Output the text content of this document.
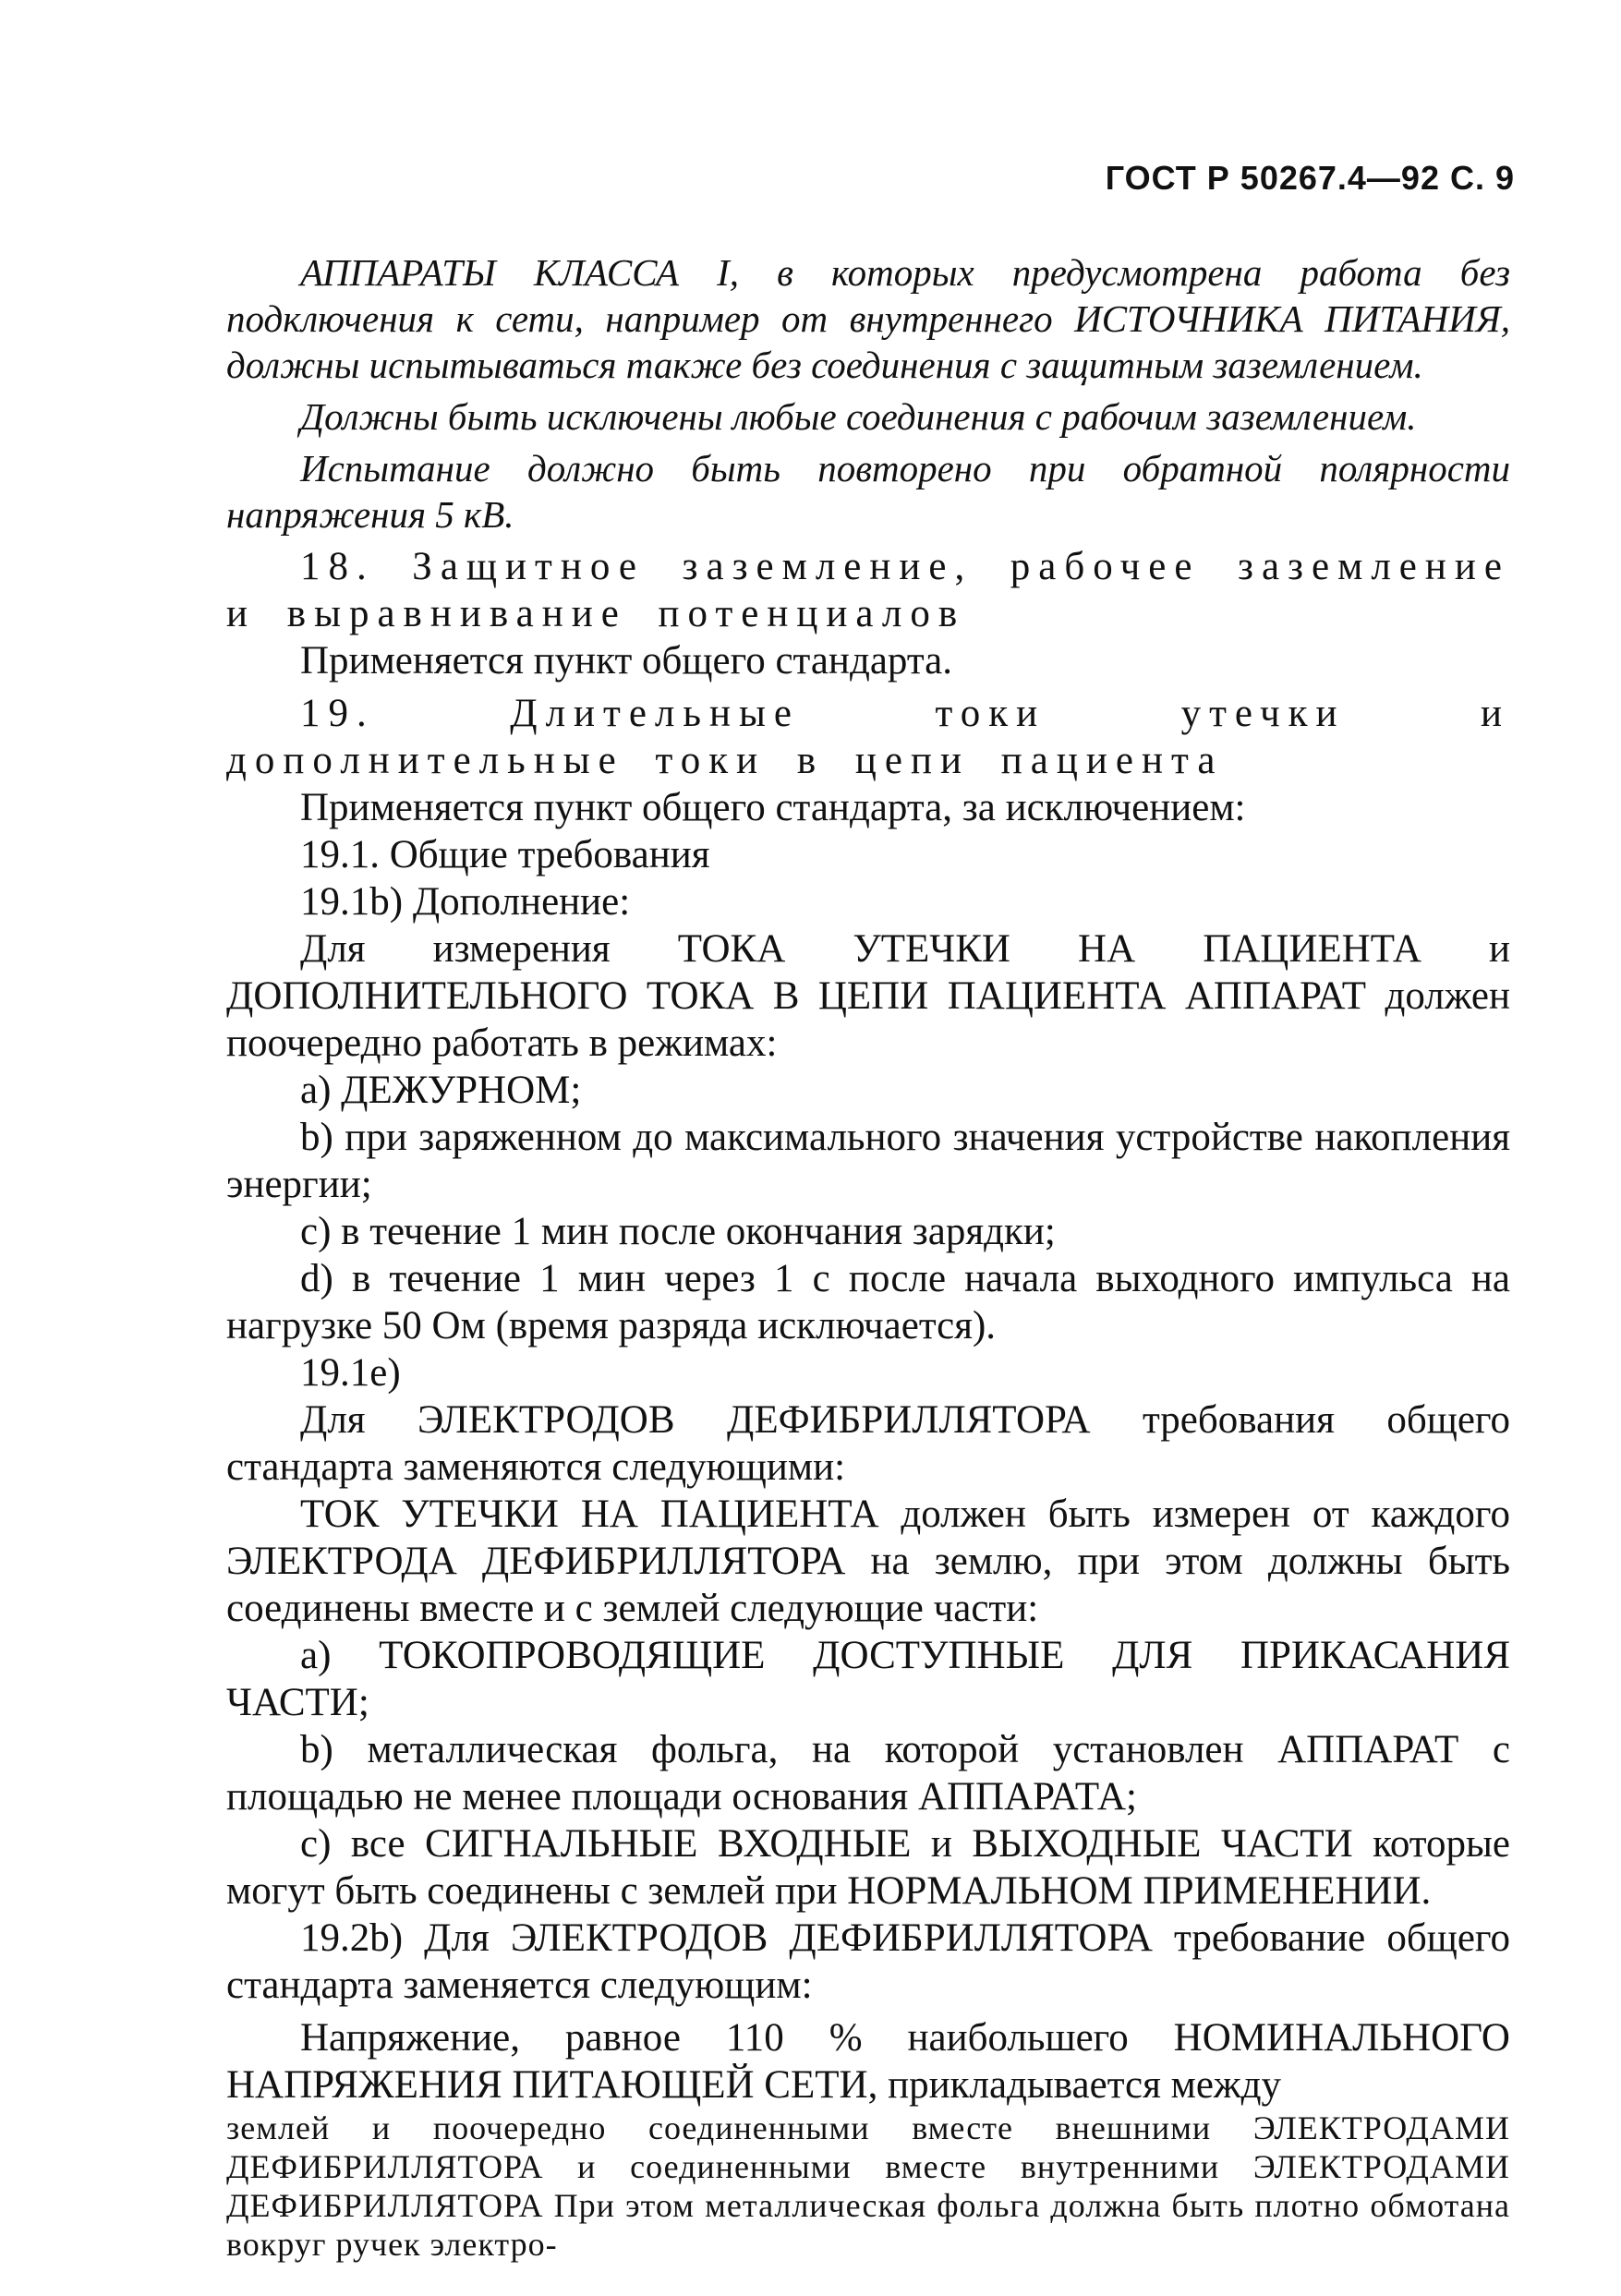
ГОСТ Р 50267.4—92 С. 9

АППАРАТЫ КЛАССА I, в которых предусмотрена работа без подключения к сети, например от внутреннего ИСТОЧНИКА ПИТАНИЯ, должны испытываться также без соединения с защитным заземлением.

Должны быть исключены любые соединения с рабочим заземлением.

Испытание должно быть повторено при обратной полярности напряжения 5 кВ.

18. Защитное заземление, рабочее заземление и выравнивание потенциалов

Применяется пункт общего стандарта.

19. Длительные токи утечки и дополнительные токи в цепи пациента

Применяется пункт общего стандарта, за исключением:

19.1. Общие требования

19.1b) Дополнение:

Для измерения ТОКА УТЕЧКИ НА ПАЦИЕНТА и ДОПОЛНИТЕЛЬНОГО ТОКА В ЦЕПИ ПАЦИЕНТА АППАРАТ должен поочередно работать в режимах:

a) ДЕЖУРНОМ;

b) при заряженном до максимального значения устройстве накопления энергии;

c) в течение 1 мин после окончания зарядки;

d) в течение 1 мин через 1 с после начала выходного импульса на нагрузке 50 Ом (время разряда исключается).

19.1e)

Для ЭЛЕКТРОДОВ ДЕФИБРИЛЛЯТОРА требования общего стандарта заменяются следующими:

ТОК УТЕЧКИ НА ПАЦИЕНТА должен быть измерен от каждого ЭЛЕКТРОДА ДЕФИБРИЛЛЯТОРА на землю, при этом должны быть соединены вместе и с землей следующие части:

a) ТОКОПРОВОДЯЩИЕ ДОСТУПНЫЕ ДЛЯ ПРИКАСАНИЯ ЧАСТИ;

b) металлическая фольга, на которой установлен АППАРАТ с площадью не менее площади основания АППАРАТА;

c) все СИГНАЛЬНЫЕ ВХОДНЫЕ и ВЫХОДНЫЕ ЧАСТИ которые могут быть соединены с землей при НОРМАЛЬНОМ ПРИМЕНЕНИИ.

19.2b) Для ЭЛЕКТРОДОВ ДЕФИБРИЛЛЯТОРА требование общего стандарта заменяется следующим:

Напряжение, равное 110 % наибольшего НОМИНАЛЬНОГО НАПРЯЖЕНИЯ ПИТАЮЩЕЙ СЕТИ, прикладывается между

землей и поочередно соединенными вместе внешними ЭЛЕКТРОДАМИ ДЕФИБРИЛЛЯТОРА и соединенными вместе внутренними ЭЛЕКТРОДАМИ ДЕФИБРИЛЛЯТОРА При этом металлическая фольга должна быть плотно обмотана вокруг ручек электро-
